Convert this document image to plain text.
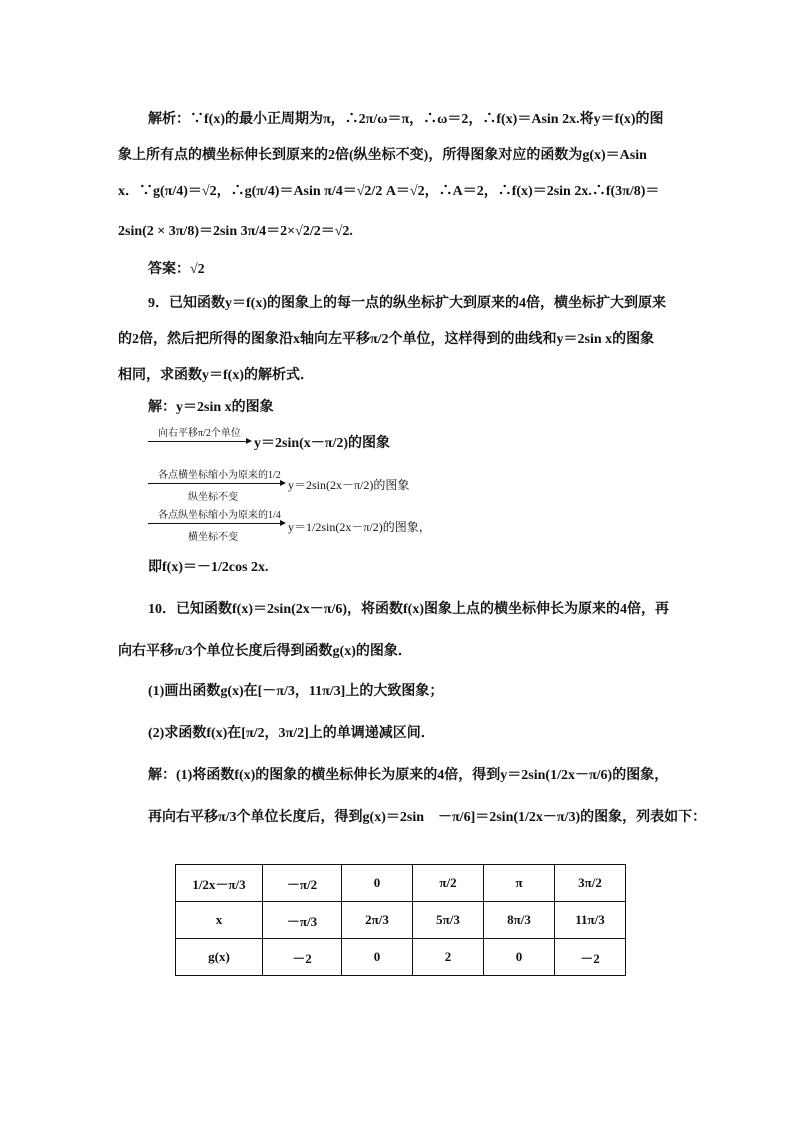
解析：∵f(x)的最小正周期为π，∴2π/ω＝π，∴ω＝2，∴f(x)＝Asin 2x.将y＝f(x)的图
象上所有点的横坐标伸长到原来的2倍(纵坐标不变)，所得图象对应的函数为g(x)＝Asin
x．∵g(π/4)＝√2，∴g(π/4)＝Asin π/4＝√2/2 A＝√2，∴A＝2，∴f(x)＝2sin 2x.∴f(3π/8)＝
2sin(2 × 3π/8)＝2sin 3π/4＝2×√2/2＝√2.
答案：√2
9．已知函数y＝f(x)的图象上的每一点的纵坐标扩大到原来的4倍，横坐标扩大到原来
的2倍，然后把所得的图象沿x轴向左平移π/2个单位，这样得到的曲线和y＝2sin x的图象
相同，求函数y＝f(x)的解析式．
解：y＝2sin x的图象
向右平移π/2个单位
y＝2sin(x－π/2)的图象
各点横坐标缩小为原来的1/2
纵坐标不变
y＝2sin(2x－π/2)的图象
各点纵坐标缩小为原来的1/4
横坐标不变
y＝1/2sin(2x－π/2)的图象，
即f(x)＝－1/2cos 2x.
10．已知函数f(x)＝2sin(2x－π/6)，将函数f(x)图象上点的横坐标伸长为原来的4倍，再
向右平移π/3个单位长度后得到函数g(x)的图象．
(1)画出函数g(x)在[－π/3，11π/3]上的大致图象；
(2)求函数f(x)在[π/2，3π/2]上的单调递减区间．
解：(1)将函数f(x)的图象的横坐标伸长为原来的4倍，得到y＝2sin(1/2x－π/6)的图象，
再向右平移π/3个单位长度后，得到g(x)＝2sin　－π/6]＝2sin(1/2x－π/3)的图象，列表如下：
1/2x－π/3	－π/2	0	π/2	π	3π/2
x	－π/3	2π/3	5π/3	8π/3	11π/3
g(x)	－2	0	2	0	－2
